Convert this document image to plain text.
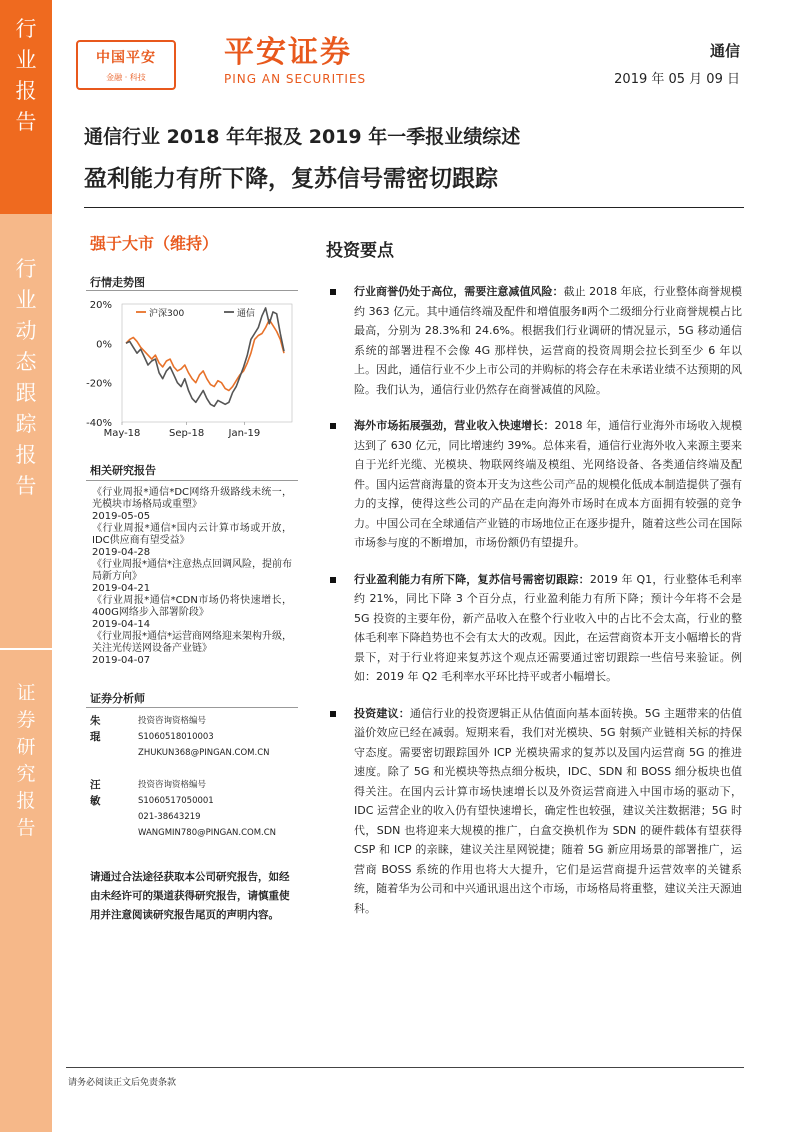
行
业
报
告
行
业
动
态
跟
踪
报
告
证
券
研
究
报
告
中国平安
金融 · 科技
平安证券
PING AN SECURITIES
通信
2019 年 05 月 09 日
通信行业 2018 年年报及 2019 年一季报业绩综述
盈利能力有所下降，复苏信号需密切跟踪
强于大市（维持）
行情走势图
20%
0%
-20%
-40%
May-18	Sep-18 Jan-19
沪深300	通信
相关研究报告
《行业周报*通信*DC网络升级路线未统一，光模块市场格局或重塑》
2019-05-05
《行业周报*通信*国内云计算市场或开放，IDC供应商有望受益》
2019-04-28
《行业周报*通信*注意热点回调风险，提前布局新方向》
2019-04-21
《行业周报*通信*CDN市场仍将快速增长，400G网络步入部署阶段》
2019-04-14
《行业周报*通信*运营商网络迎来架构升级，关注光传送网设备产业链》
2019-04-07
证券分析师
朱琨
投资咨询资格编号
S1060518010003
ZHUKUN368@PINGAN.COM.CN
汪敏
投资咨询资格编号
S1060517050001
021-38643219
WANGMIN780@PINGAN.COM.CN
请通过合法途径获取本公司研究报告，如经由未经许可的渠道获得研究报告，请慎重使用并注意阅读研究报告尾页的声明内容。
投资要点
行业商誉仍处于高位，需要注意减值风险：截止 2018 年底，行业整体商誉规模约 363 亿元。其中通信终端及配件和增值服务Ⅱ两个二级细分行业商誉规模占比最高，分别为 28.3%和 24.6%。根据我们行业调研的情况显示，5G 移动通信系统的部署进程不会像 4G 那样快，运营商的投资周期会拉长到至少 6 年以上。因此，通信行业不少上市公司的并购标的将会存在未承诺业绩不达预期的风险。我们认为，通信行业仍然存在商誉减值的风险。
海外市场拓展强劲，营业收入快速增长：2018 年，通信行业海外市场收入规模达到了 630 亿元，同比增速约 39%。总体来看，通信行业海外收入来源主要来自于光纤光缆、光模块、物联网终端及模组、光网络设备、各类通信终端及配件。国内运营商海量的资本开支为这些公司产品的规模化低成本制造提供了强有力的支撑，使得这些公司的产品在走向海外市场时在成本方面拥有较强的竞争力。中国公司在全球通信产业链的市场地位正在逐步提升，随着这些公司在国际市场参与度的不断增加，市场份额仍有望提升。
行业盈利能力有所下降，复苏信号需密切跟踪：2019 年 Q1，行业整体毛利率约 21%，同比下降 3 个百分点，行业盈利能力有所下降；预计今年将不会是 5G 投资的主要年份，新产品收入在整个行业收入中的占比不会太高，行业的整体毛利率下降趋势也不会有太大的改观。因此，在运营商资本开支小幅增长的背景下，对于行业将迎来复苏这个观点还需要通过密切跟踪一些信号来验证。例如：2019 年 Q2 毛利率水平环比持平或者小幅增长。
投资建议：通信行业的投资逻辑正从估值面向基本面转换。5G 主题带来的估值溢价效应已经在减弱。短期来看，我们对光模块、5G 射频产业链相关标的持保守态度。需要密切跟踪国外 ICP 光模块需求的复苏以及国内运营商 5G 的推进速度。除了 5G 和光模块等热点细分板块，IDC、SDN 和 BOSS 细分板块也值得关注。在国内云计算市场快速增长以及外资运营商进入中国市场的驱动下，IDC 运营企业的收入仍有望快速增长，确定性也较强，建议关注数据港；5G 时代，SDN 也将迎来大规模的推广，白盒交换机作为 SDN 的硬件载体有望获得 CSP 和 ICP 的亲睐，建议关注星网锐捷；随着 5G 新应用场景的部署推广，运营商 BOSS 系统的作用也将大大提升，它们是运营商提升运营效率的关键系统，随着华为公司和中兴通讯退出这个市场，市场格局将重整，建议关注天源迪科。
请务必阅读正文后免责条款
